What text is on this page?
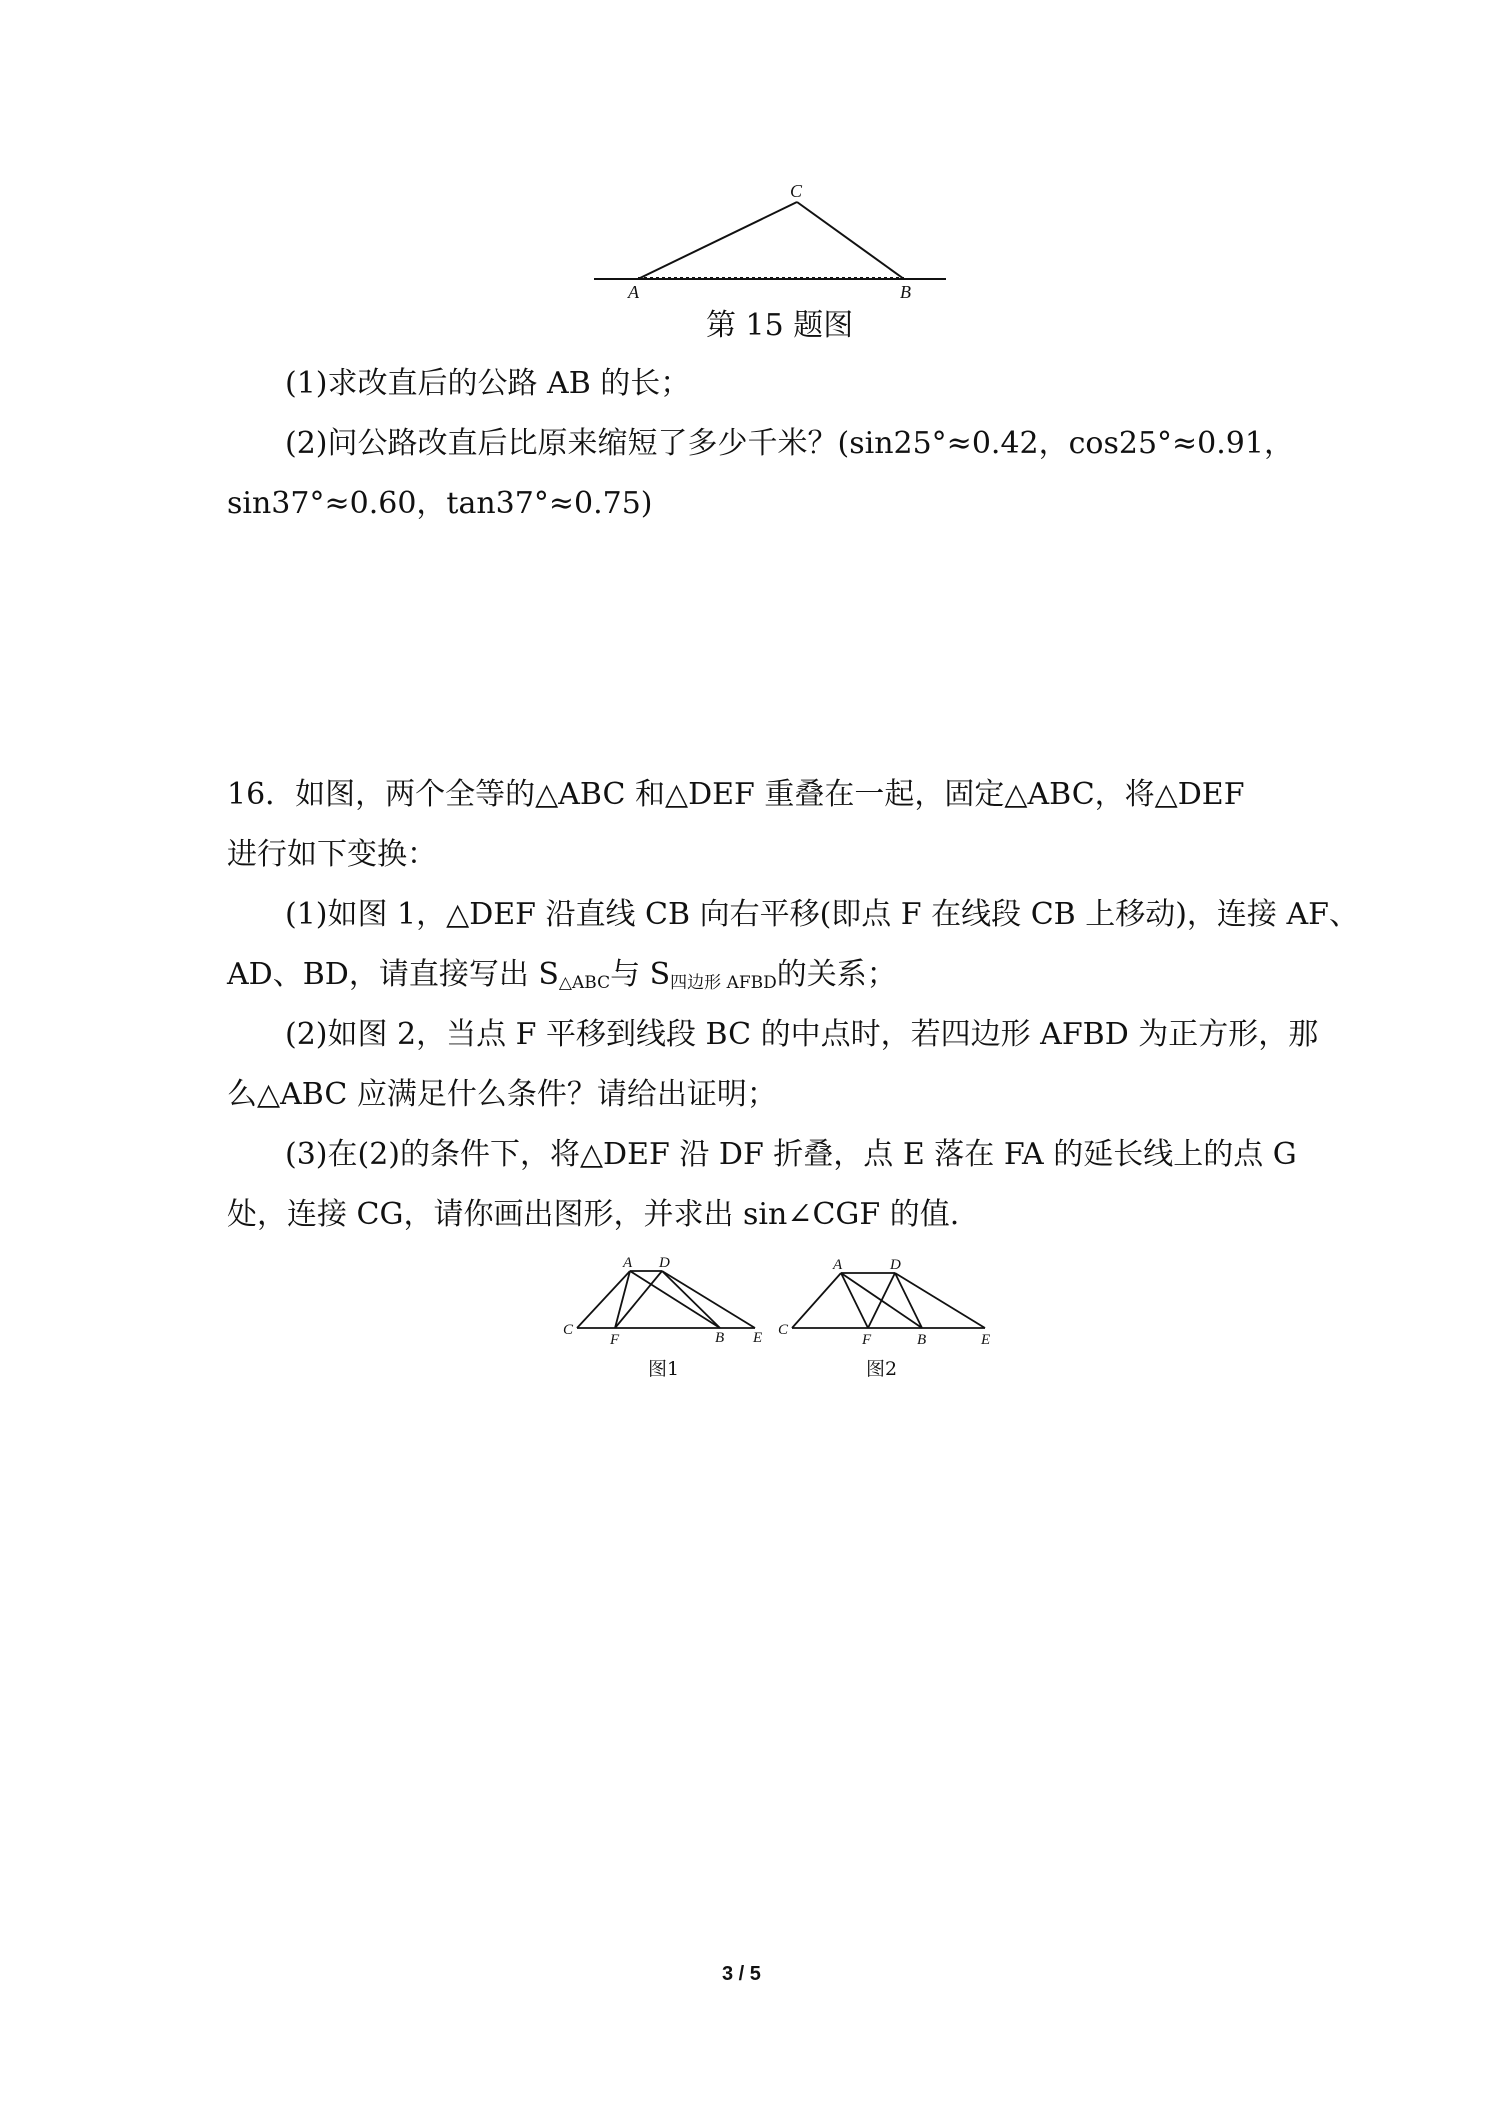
C
A	B
第 15 题图
(1)求改直后的公路 AB 的长；
(2)问公路改直后比原来缩短了多少千米？(sin25°≈0.42，cos25°≈0.91，
sin37°≈0.60，tan37°≈0.75)
16．如图，两个全等的△ABC 和△DEF 重叠在一起，固定△ABC，将△DEF
进行如下变换：
(1)如图 1，△DEF 沿直线 CB 向右平移(即点 F 在线段 CB 上移动)，连接 AF、
AD、BD，请直接写出 $S_{\triangle ABC}$与 $S_{四边形 AFBD}$的关系；
(2)如图 2，当点 F 平移到线段 BC 的中点时，若四边形 AFBD 为正方形，那
么△ABC 应满足什么条件？请给出证明；
(3)在(2)的条件下，将△DEF 沿 DF 折叠，点 E 落在 FA 的延长线上的点 G
处，连接 CG，请你画出图形，并求出 sin∠CGF 的值.
A D
C
F	B E
图1
A	D
C
F	B	E
图2
3 / 5
